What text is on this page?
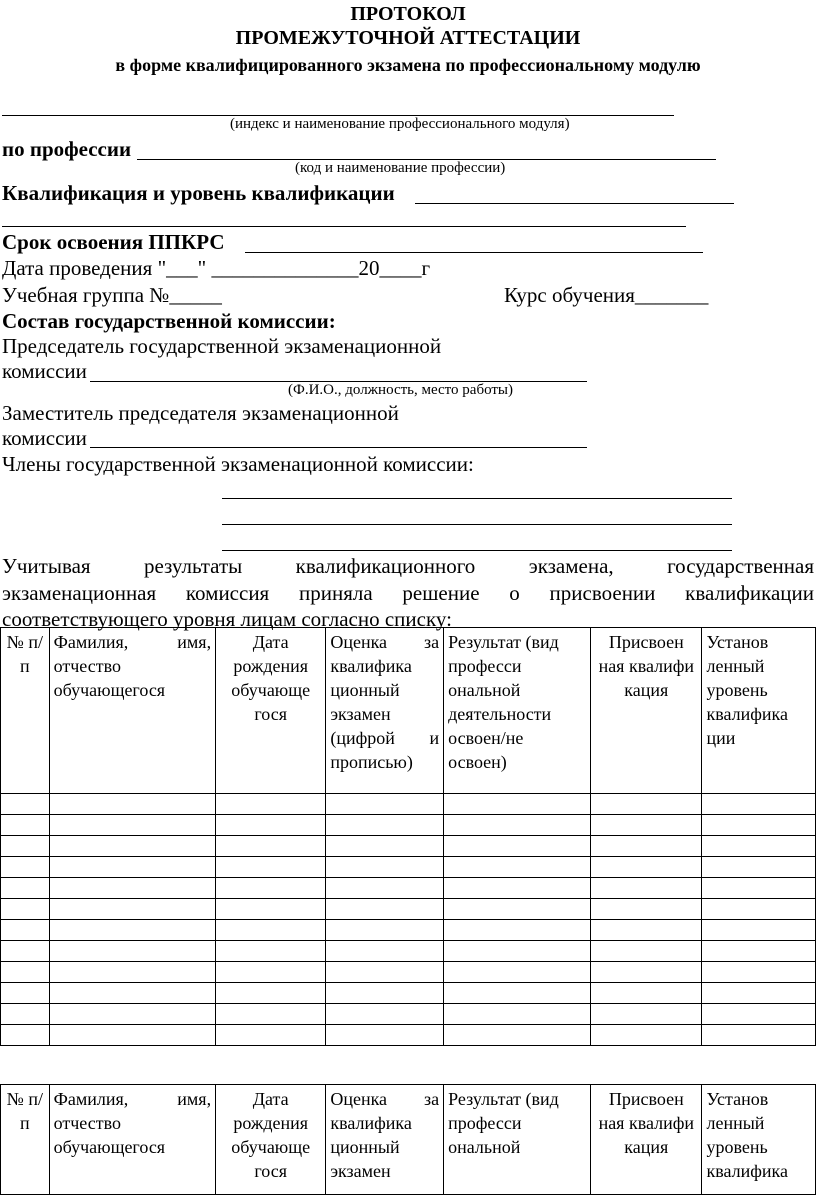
ПРОТОКОЛ
ПРОМЕЖУТОЧНОЙ АТТЕСТАЦИИ
в форме квалифицированного экзамена по профессиональному модулю
(индекс и наименование профессионального модуля)
по профессии
(код и наименование профессии)
Квалификация и уровень квалификации
Срок освоения ППКРС
Дата проведения "___" ______________20____г
Учебная группа №_____	Курс обучения_______
Состав государственной комиссии:
Председатель государственной экзаменационной
комиссии
(Ф.И.О., должность, место работы)
Заместитель председателя экзаменационной
комиссии
Члены государственной экзаменационной комиссии:
Учитывая результаты квалификационного экзамена, государственная
экзаменационная комиссия приняла решение о присвоении квалификации
соответствующего уровня лицам согласно списку:
№ п/п	Фамилия, имя, отчество обучающегося	Дата рождения обучающе гося	Оценка за квалифика ционный экзамен (цифрой и прописью)	Результат (вид професси ональной деятельности освоен/не освоен)	Присвоен ная квалифи кация	Установ ленный уровень квалифика ции

№ п/п	Фамилия, имя, отчество обучающегося	Дата рождения обучающе гося	Оценка за квалифика ционный экзамен	Результат (вид професси ональной	Присвоен ная квалифи кация	Установ ленный уровень квалифика
